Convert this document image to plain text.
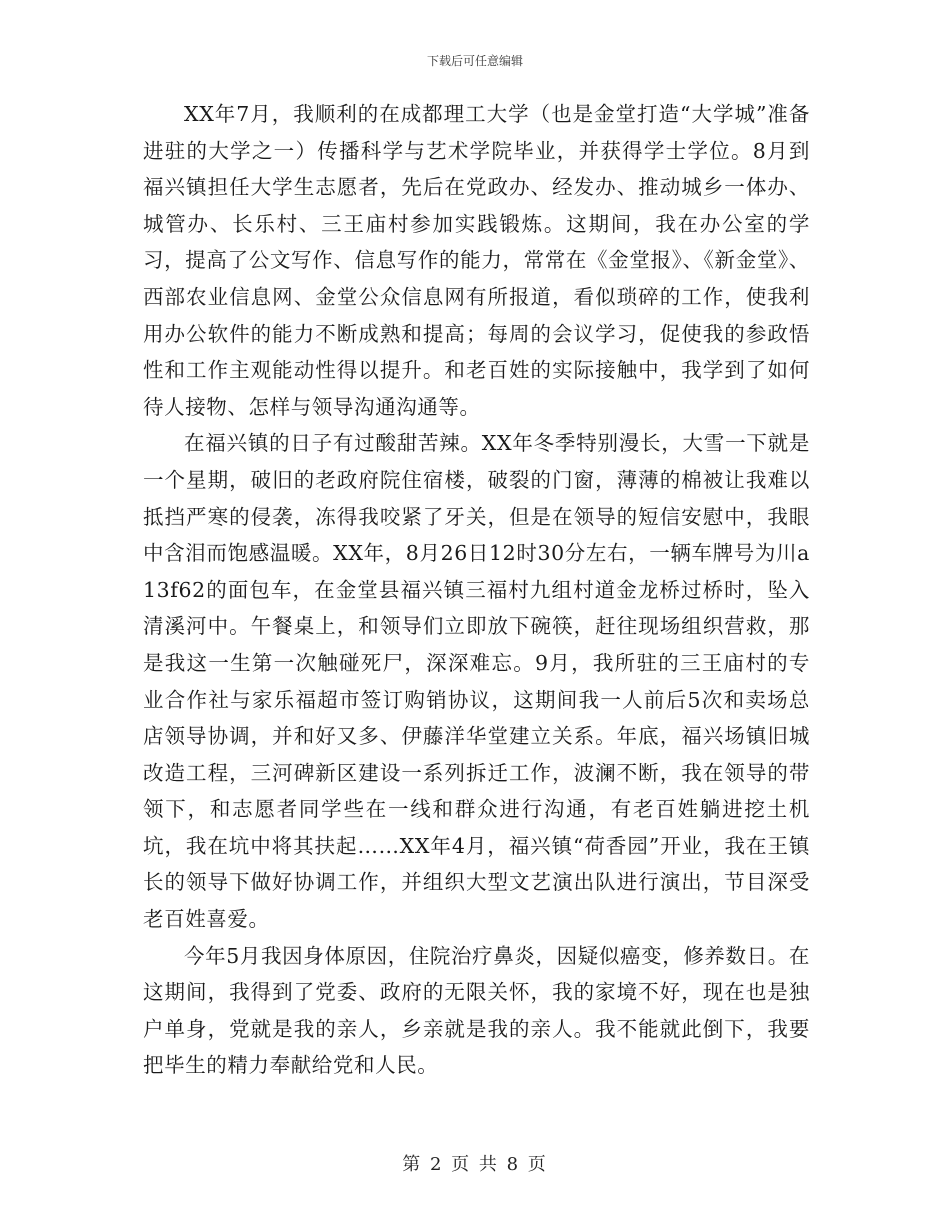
下载后可任意编辑

XX年7月，我顺利的在成都理工大学（也是金堂打造“大学城”准备进驻的大学之一）传播科学与艺术学院毕业，并获得学士学位。8月到福兴镇担任大学生志愿者，先后在党政办、经发办、推动城乡一体办、城管办、长乐村、三王庙村参加实践锻炼。这期间，我在办公室的学习，提高了公文写作、信息写作的能力，常常在《金堂报》、《新金堂》、西部农业信息网、金堂公众信息网有所报道，看似琐碎的工作，使我利用办公软件的能力不断成熟和提高；每周的会议学习，促使我的参政悟性和工作主观能动性得以提升。和老百姓的实际接触中，我学到了如何待人接物、怎样与领导沟通沟通等。

在福兴镇的日子有过酸甜苦辣。XX年冬季特别漫长，大雪一下就是一个星期，破旧的老政府院住宿楼，破裂的门窗，薄薄的棉被让我难以抵挡严寒的侵袭，冻得我咬紧了牙关，但是在领导的短信安慰中，我眼中含泪而饱感温暖。XX年，8月26日12时30分左右，一辆车牌号为川a13f62的面包车，在金堂县福兴镇三福村九组村道金龙桥过桥时，坠入清溪河中。午餐桌上，和领导们立即放下碗筷，赶往现场组织营救，那是我这一生第一次触碰死尸，深深难忘。9月，我所驻的三王庙村的专业合作社与家乐福超市签订购销协议，这期间我一人前后5次和卖场总店领导协调，并和好又多、伊藤洋华堂建立关系。年底，福兴场镇旧城改造工程，三河碑新区建设一系列拆迁工作，波澜不断，我在领导的带领下，和志愿者同学些在一线和群众进行沟通，有老百姓躺进挖土机坑，我在坑中将其扶起……XX年4月，福兴镇“荷香园”开业，我在王镇长的领导下做好协调工作，并组织大型文艺演出队进行演出，节目深受老百姓喜爱。

今年5月我因身体原因，住院治疗鼻炎，因疑似癌变，修养数日。在这期间，我得到了党委、政府的无限关怀，我的家境不好，现在也是独户单身，党就是我的亲人，乡亲就是我的亲人。我不能就此倒下，我要把毕生的精力奉献给党和人民。

第 2 页 共 8 页
